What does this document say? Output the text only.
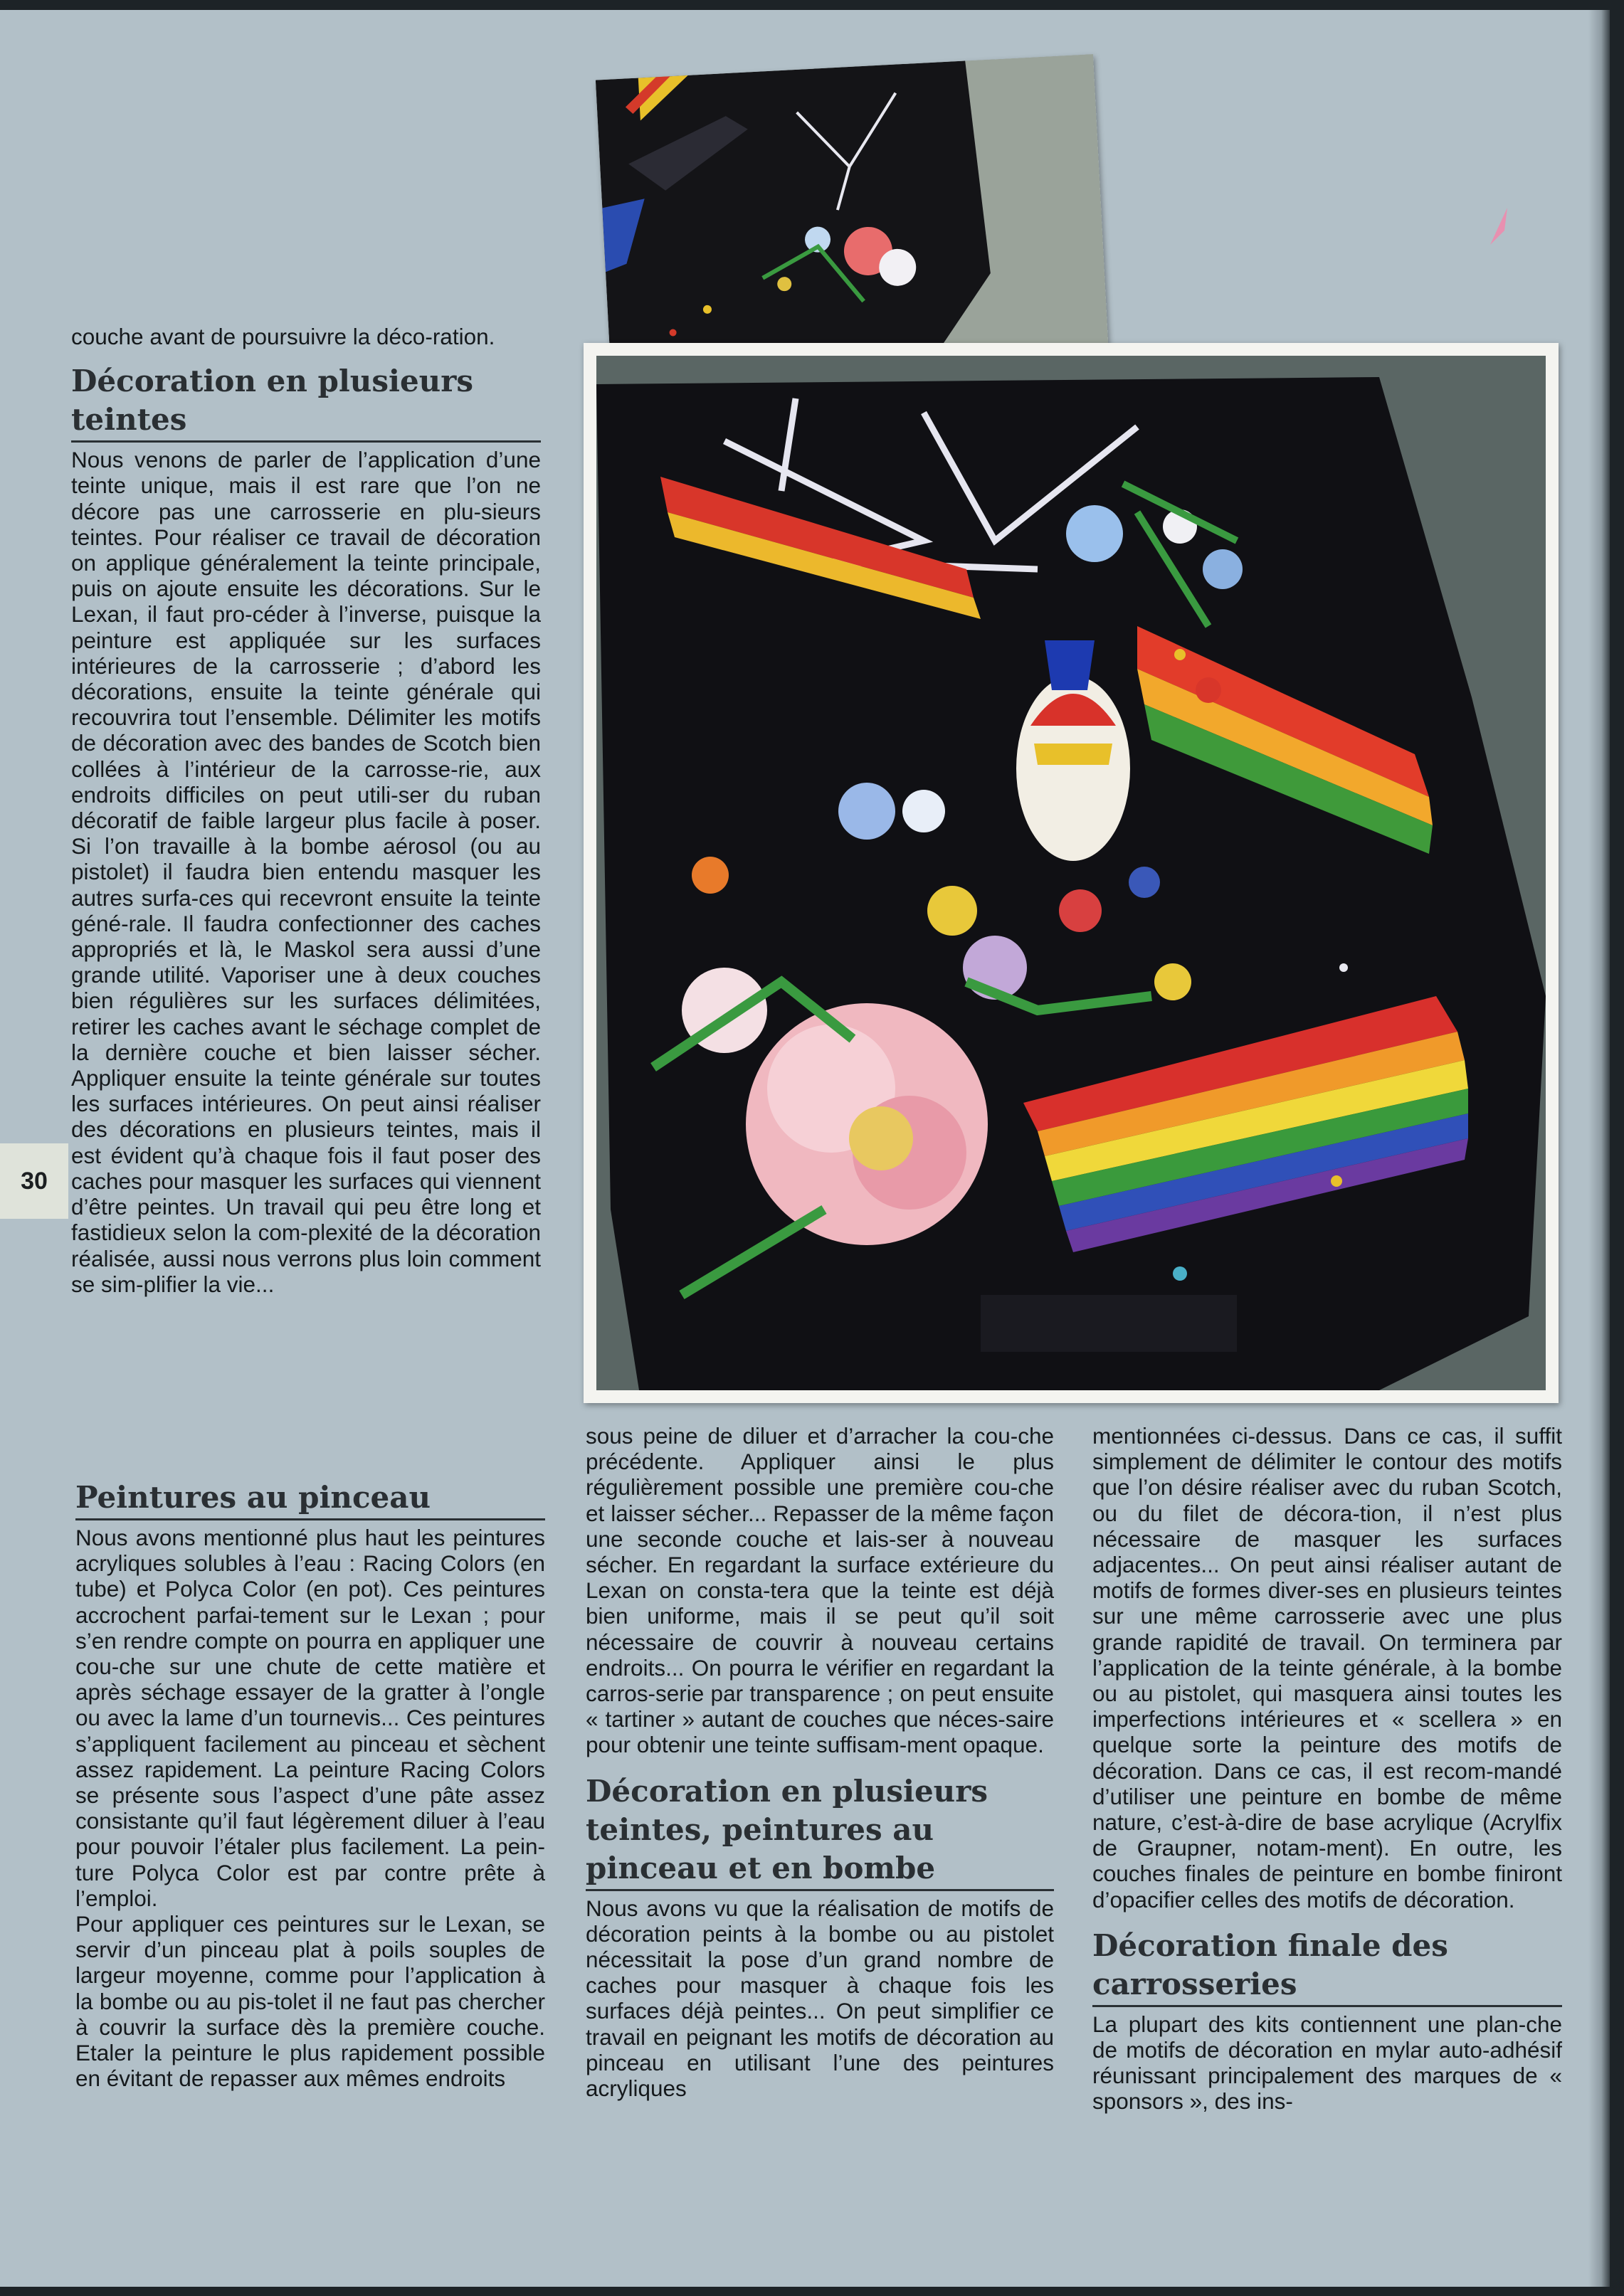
30

couche avant de poursuivre la déco-ration.

Décoration en plusieurs teintes

Nous venons de parler de l’application d’une teinte unique, mais il est rare que l’on ne décore pas une carrosserie en plu-sieurs teintes. Pour réaliser ce travail de décoration on applique généralement la teinte principale, puis on ajoute ensuite les décorations. Sur le Lexan, il faut pro-céder à l’inverse, puisque la peinture est appliquée sur les surfaces intérieures de la carrosserie ; d’abord les décorations, ensuite la teinte générale qui recouvrira tout l’ensemble. Délimiter les motifs de décoration avec des bandes de Scotch bien collées à l’intérieur de la carrosse-rie, aux endroits difficiles on peut utili-ser du ruban décoratif de faible largeur plus facile à poser. Si l’on travaille à la bombe aérosol (ou au pistolet) il faudra bien entendu masquer les autres surfa-ces qui recevront ensuite la teinte géné-rale. Il faudra confectionner des caches appropriés et là, le Maskol sera aussi d’une grande utilité. Vaporiser une à deux couches bien régulières sur les surfaces délimitées, retirer les caches avant le séchage complet de la dernière couche et bien laisser sécher. Appliquer ensuite la teinte générale sur toutes les surfaces intérieures. On peut ainsi réaliser des décorations en plusieurs teintes, mais il est évident qu’à chaque fois il faut poser des caches pour masquer les surfaces qui viennent d’être peintes. Un travail qui peu être long et fastidieux selon la com-plexité de la décoration réalisée, aussi nous verrons plus loin comment se sim-plifier la vie...

Peintures au pinceau

Nous avons mentionné plus haut les peintures acryliques solubles à l’eau : Racing Colors (en tube) et Polyca Color (en pot). Ces peintures accrochent parfai-tement sur le Lexan ; pour s’en rendre compte on pourra en appliquer une cou-che sur une chute de cette matière et après séchage essayer de la gratter à l’ongle ou avec la lame d’un tournevis... Ces peintures s’appliquent facilement au pinceau et sèchent assez rapidement. La peinture Racing Colors se présente sous l’aspect d’une pâte assez consistante qu’il faut légèrement diluer à l’eau pour pouvoir l’étaler plus facilement. La pein-ture Polyca Color est par contre prête à l’emploi.

Pour appliquer ces peintures sur le Lexan, se servir d’un pinceau plat à poils souples de largeur moyenne, comme pour l’application à la bombe ou au pis-tolet il ne faut pas chercher à couvrir la surface dès la première couche. Etaler la peinture le plus rapidement possible en évitant de repasser aux mêmes endroits

sous peine de diluer et d’arracher la cou-che précédente. Appliquer ainsi le plus régulièrement possible une première cou-che et laisser sécher... Repasser de la même façon une seconde couche et lais-ser à nouveau sécher. En regardant la surface extérieure du Lexan on consta-tera que la teinte est déjà bien uniforme, mais il se peut qu’il soit nécessaire de couvrir à nouveau certains endroits... On pourra le vérifier en regardant la carros-serie par transparence ; on peut ensuite « tartiner » autant de couches que néces-saire pour obtenir une teinte suffisam-ment opaque.

Décoration en plusieurs teintes, peintures au pinceau et en bombe

Nous avons vu que la réalisation de motifs de décoration peints à la bombe ou au pistolet nécessitait la pose d’un grand nombre de caches pour masquer à chaque fois les surfaces déjà peintes... On peut simplifier ce travail en peignant les motifs de décoration au pinceau en utilisant l’une des peintures acryliques

mentionnées ci-dessus. Dans ce cas, il suffit simplement de délimiter le contour des motifs que l’on désire réaliser avec du ruban Scotch, ou du filet de décora-tion, il n’est plus nécessaire de masquer les surfaces adjacentes... On peut ainsi réaliser autant de motifs de formes diver-ses en plusieurs teintes sur une même carrosserie avec une plus grande rapidité de travail. On terminera par l’application de la teinte générale, à la bombe ou au pistolet, qui masquera ainsi toutes les imperfections intérieures et « scellera » en quelque sorte la peinture des motifs de décoration. Dans ce cas, il est recom-mandé d’utiliser une peinture en bombe de même nature, c’est-à-dire de base acrylique (Acrylfix de Graupner, notam-ment). En outre, les couches finales de peinture en bombe finiront d’opacifier celles des motifs de décoration.

Décoration finale des carrosseries

La plupart des kits contiennent une plan-che de motifs de décoration en mylar auto-adhésif réunissant principalement des marques de « sponsors », des ins-
